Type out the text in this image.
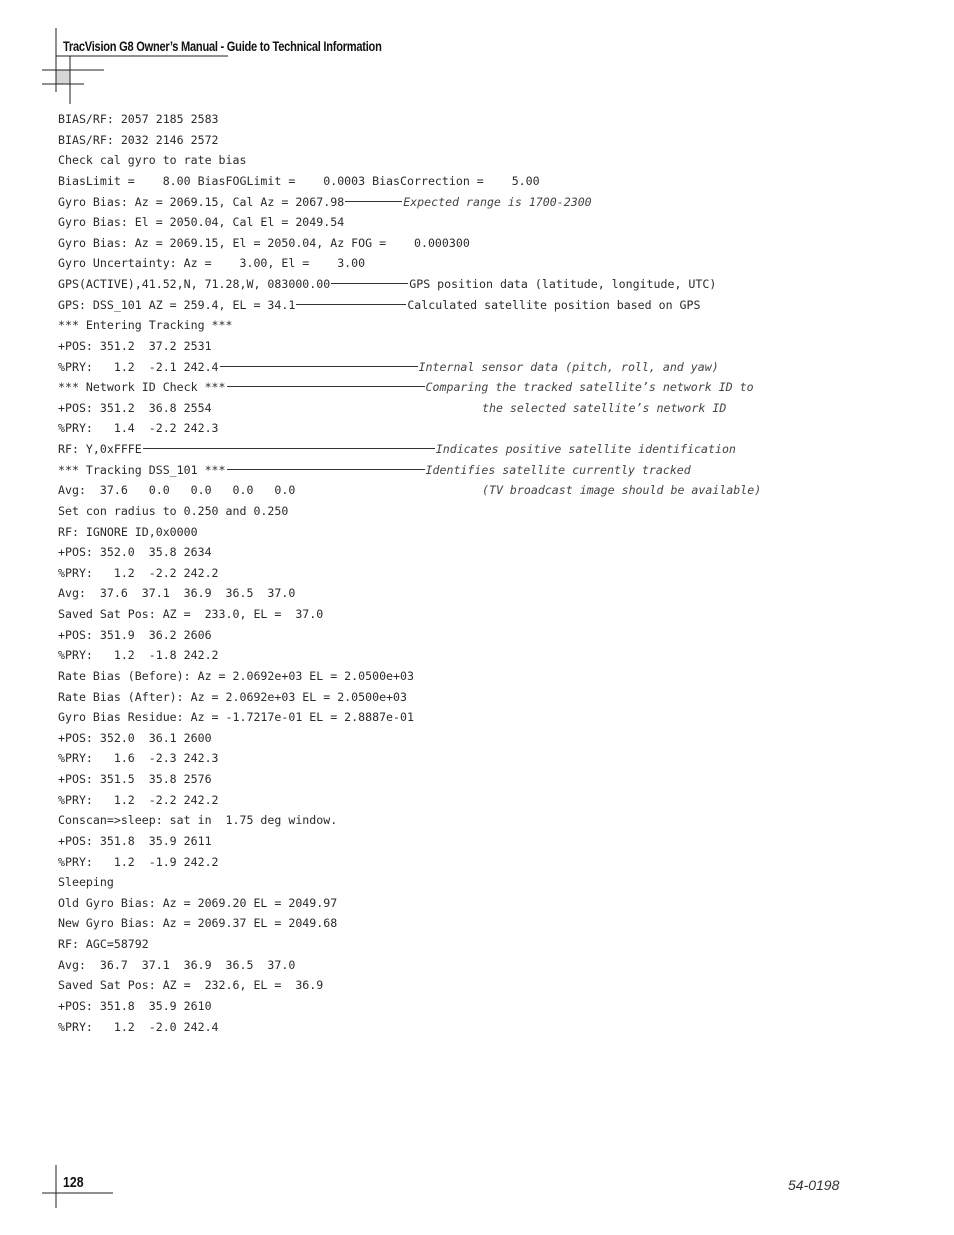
TracVision G8 Owner’s Manual - Guide to Technical Information
BIAS/RF: 2057 2185 2583
BIAS/RF: 2032 2146 2572
Check cal gyro to rate bias
BiasLimit =    8.00 BiasFOGLimit =    0.0003 BiasCorrection =    5.00
Gyro Bias: Az = 2069.15, Cal Az = 2067.98	Expected range is 1700-2300
Gyro Bias: El = 2050.04, Cal El = 2049.54
Gyro Bias: Az = 2069.15, El = 2050.04, Az FOG =    0.000300
Gyro Uncertainty: Az =    3.00, El =    3.00
GPS(ACTIVE),41.52,N, 71.28,W, 083000.00	GPS position data (latitude, longitude, UTC)
GPS: DSS_101 AZ = 259.4, EL = 34.1	Calculated satellite position based on GPS
*** Entering Tracking ***
+POS: 351.2  37.2 2531
%PRY:   1.2  -2.1 242.4	Internal sensor data (pitch, roll, and yaw)
*** Network ID Check ***	Comparing the tracked satellite’s network ID to
+POS: 351.2  36.8 2554	the selected satellite’s network ID
%PRY:   1.4  -2.2 242.3
RF: Y,0xFFFE	Indicates positive satellite identification
*** Tracking DSS_101 ***	Identifies satellite currently tracked
Avg:  37.6   0.0   0.0   0.0   0.0	(TV broadcast image should be available)
Set con radius to 0.250 and 0.250
RF: IGNORE ID,0x0000
+POS: 352.0  35.8 2634
%PRY:   1.2  -2.2 242.2
Avg:  37.6  37.1  36.9  36.5  37.0
Saved Sat Pos: AZ =  233.0, EL =  37.0
+POS: 351.9  36.2 2606
%PRY:   1.2  -1.8 242.2
Rate Bias (Before): Az = 2.0692e+03 EL = 2.0500e+03
Rate Bias (After): Az = 2.0692e+03 EL = 2.0500e+03
Gyro Bias Residue: Az = -1.7217e-01 EL = 2.8887e-01
+POS: 352.0  36.1 2600
%PRY:   1.6  -2.3 242.3
+POS: 351.5  35.8 2576
%PRY:   1.2  -2.2 242.2
Conscan=>sleep: sat in  1.75 deg window.
+POS: 351.8  35.9 2611
%PRY:   1.2  -1.9 242.2
Sleeping
Old Gyro Bias: Az = 2069.20 EL = 2049.97
New Gyro Bias: Az = 2069.37 EL = 2049.68
RF: AGC=58792
Avg:  36.7  37.1  36.9  36.5  37.0
Saved Sat Pos: AZ =  232.6, EL =  36.9
+POS: 351.8  35.9 2610
%PRY:   1.2  -2.0 242.4
128	54-0198
